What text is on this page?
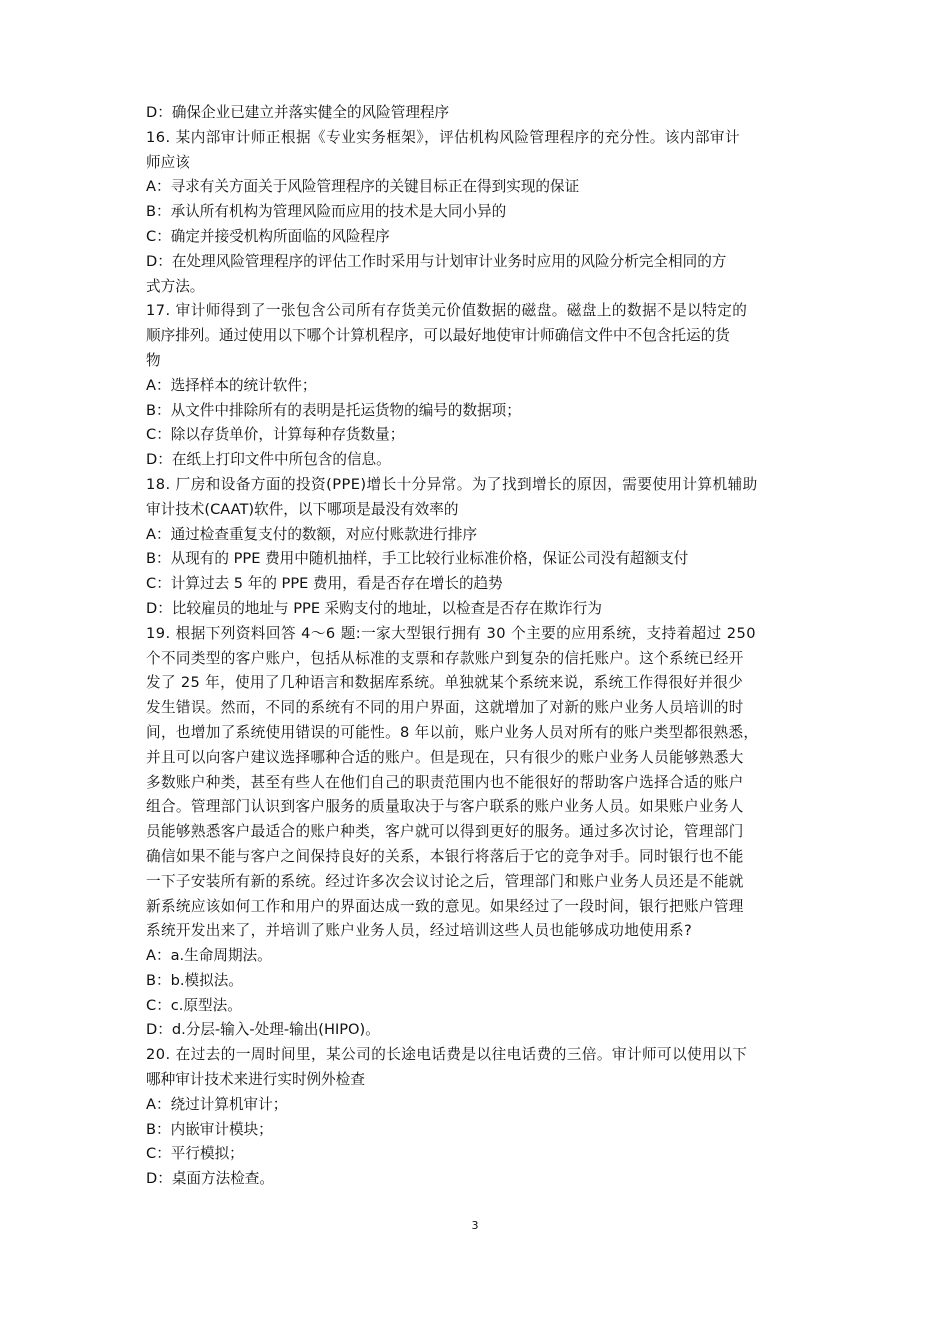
D：确保企业已建立并落实健全的风险管理程序
16. 某内部审计师正根据《专业实务框架》，评估机构风险管理程序的充分性。该内部审计
师应该
A：寻求有关方面关于风险管理程序的关键目标正在得到实现的保证
B：承认所有机构为管理风险而应用的技术是大同小异的
C：确定并接受机构所面临的风险程序
D：在处理风险管理程序的评估工作时采用与计划审计业务时应用的风险分析完全相同的方
式方法。
17. 审计师得到了一张包含公司所有存货美元价值数据的磁盘。磁盘上的数据不是以特定的
顺序排列。通过使用以下哪个计算机程序，可以最好地使审计师确信文件中不包含托运的货
物
A：选择样本的统计软件；
B：从文件中排除所有的表明是托运货物的编号的数据项；
C：除以存货单价，计算每种存货数量；
D：在纸上打印文件中所包含的信息。
18. 厂房和设备方面的投资(PPE)增长十分异常。为了找到增长的原因，需要使用计算机辅助
审计技术(CAAT)软件，以下哪项是最没有效率的
A：通过检查重复支付的数额，对应付账款进行排序
B：从现有的 PPE 费用中随机抽样，手工比较行业标准价格，保证公司没有超额支付
C：计算过去 5 年的 PPE 费用，看是否存在增长的趋势
D：比较雇员的地址与 PPE 采购支付的地址，以检查是否存在欺诈行为
19. 根据下列资料回答 4～6 题:一家大型银行拥有 30 个主要的应用系统，支持着超过 250
个不同类型的客户账户，包括从标准的支票和存款账户到复杂的信托账户。这个系统已经开
发了 25 年，使用了几种语言和数据库系统。单独就某个系统来说，系统工作得很好并很少
发生错误。然而，不同的系统有不同的用户界面，这就增加了对新的账户业务人员培训的时
间，也增加了系统使用错误的可能性。8 年以前，账户业务人员对所有的账户类型都很熟悉，
并且可以向客户建议选择哪种合适的账户。但是现在，只有很少的账户业务人员能够熟悉大
多数账户种类，甚至有些人在他们自己的职责范围内也不能很好的帮助客户选择合适的账户
组合。管理部门认识到客户服务的质量取决于与客户联系的账户业务人员。如果账户业务人
员能够熟悉客户最适合的账户种类，客户就可以得到更好的服务。通过多次讨论，管理部门
确信如果不能与客户之间保持良好的关系，本银行将落后于它的竞争对手。同时银行也不能
一下子安装所有新的系统。经过许多次会议讨论之后，管理部门和账户业务人员还是不能就
新系统应该如何工作和用户的界面达成一致的意见。如果经过了一段时间，银行把账户管理
系统开发出来了，并培训了账户业务人员，经过培训这些人员也能够成功地使用系?
A：a.生命周期法。
B：b.模拟法。
C：c.原型法。
D：d.分层-输入-处理-输出(HIPO)。
20. 在过去的一周时间里，某公司的长途电话费是以往电话费的三倍。审计师可以使用以下
哪种审计技术来进行实时例外检查
A：绕过计算机审计；
B：内嵌审计模块；
C：平行模拟；
D：桌面方法检查。
3
